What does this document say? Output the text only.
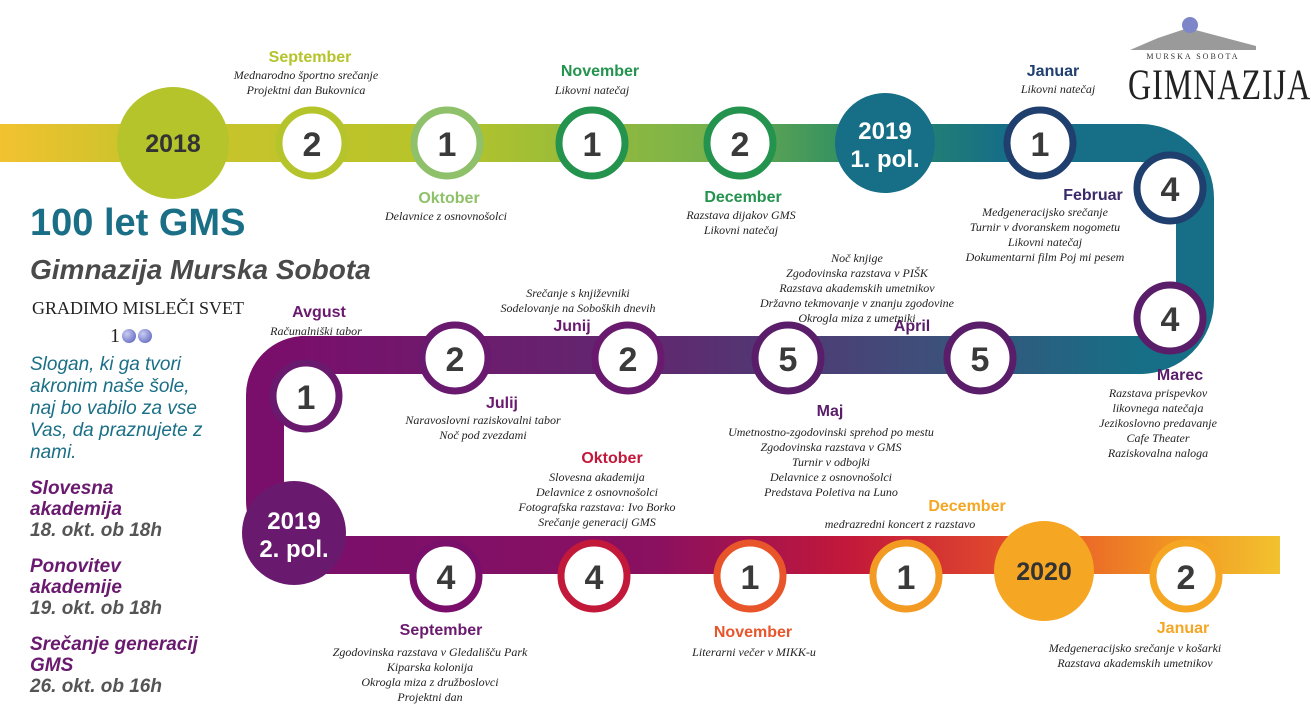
2	1	1	2	1
4
4
5
5
2
2
1
4	4	1	1	2
2018	2019
1. pol.
2019
2. pol.
2020
MURSKA SOBOTA
GIMNAZIJA
100 let GMS
Gimnazija Murska Sobota
GRADIMO MISLEČI SVET
1
Slogan, ki ga tvori
akronim naše šole,
naj bo vabilo za vse
Vas, da praznujete z
nami.
Slovesna
akademija
18. okt. ob 18h
Ponovitev
akademije
19. okt. ob 18h
Srečanje generacij
GMS
26. okt. ob 16h
September
Mednarodno športno srečanje
Projektni dan Bukovnica
Oktober
Delavnice z osnovnošolci
November
Likovni natečaj
December
Razstava dijakov GMS
Likovni natečaj
Januar
Likovni natečaj
Februar
Medgeneracijsko srečanje
Turnir v dvoranskem nogometu
Likovni natečaj
Dokumentarni film Poj mi pesem
Marec
Razstava prispevkov
likovnega natečaja
Jezikoslovno predavanje
Cafe Theater
Raziskovalna naloga
April
Noč knjige
Zgodovinska razstava v PIŠK
Razstava akademskih umetnikov
Državno tekmovanje v znanju zgodovine
Okrogla miza z umetniki
Maj
Umetnostno-zgodovinski sprehod po mestu
Zgodovinska razstava v GMS
Turnir v odbojki
Delavnice z osnovnošolci
Predstava Poletiva na Luno
Junij
Srečanje s književniki
Sodelovanje na Soboških dnevih
Julij
Naravoslovni raziskovalni tabor
Noč pod zvezdami
Avgust
Računalniški tabor
September
Zgodovinska razstava v Gledališču Park
Kiparska kolonija
Okrogla miza z družboslovci
Projektni dan
Oktober
Slovesna akademija
Delavnice z osnovnošolci
Fotografska razstava: Ivo Borko
Srečanje generacij GMS
November
Literarni večer v MIKK-u
December
medrazredni koncert z razstavo
Januar
Medgeneracijsko srečanje v košarki
Razstava akademskih umetnikov
